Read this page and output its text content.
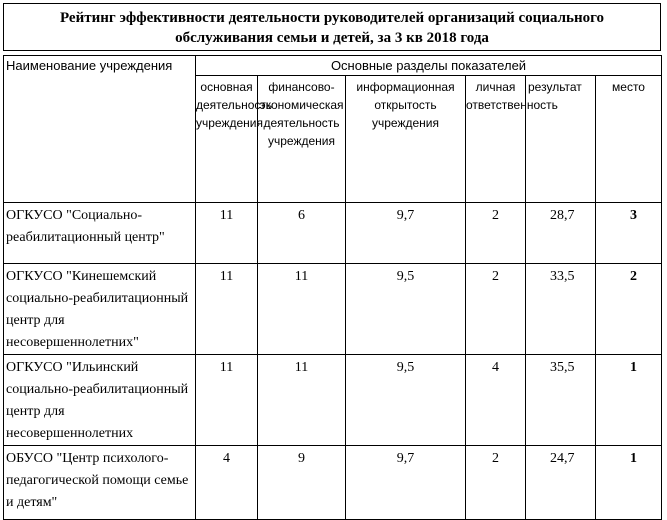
Рейтинг эффективности деятельности руководителей организаций социального
обслуживания семьи и детей, за 3 кв 2018 года
Наименование учреждения	Основные разделы показателей					
	основная деятельность учреждения	финансово-экономическая деятельность учреждения	информационная открытость учреждения	личная ответственность	результат	место
ОГКУСО "Социально-реабилитационный центр"	11	6	9,7	2	28,7	3
ОГКУСО "Кинешемский социально-реабилитационный центр для несовершеннолетних"	11	11	9,5	2	33,5	2
ОГКУСО "Ильинский социально-реабилитационный центр для несовершеннолетних	11	11	9,5	4	35,5	1
ОБУСО "Центр психолого-педагогической помощи семье и детям"	4	9	9,7	2	24,7	1
